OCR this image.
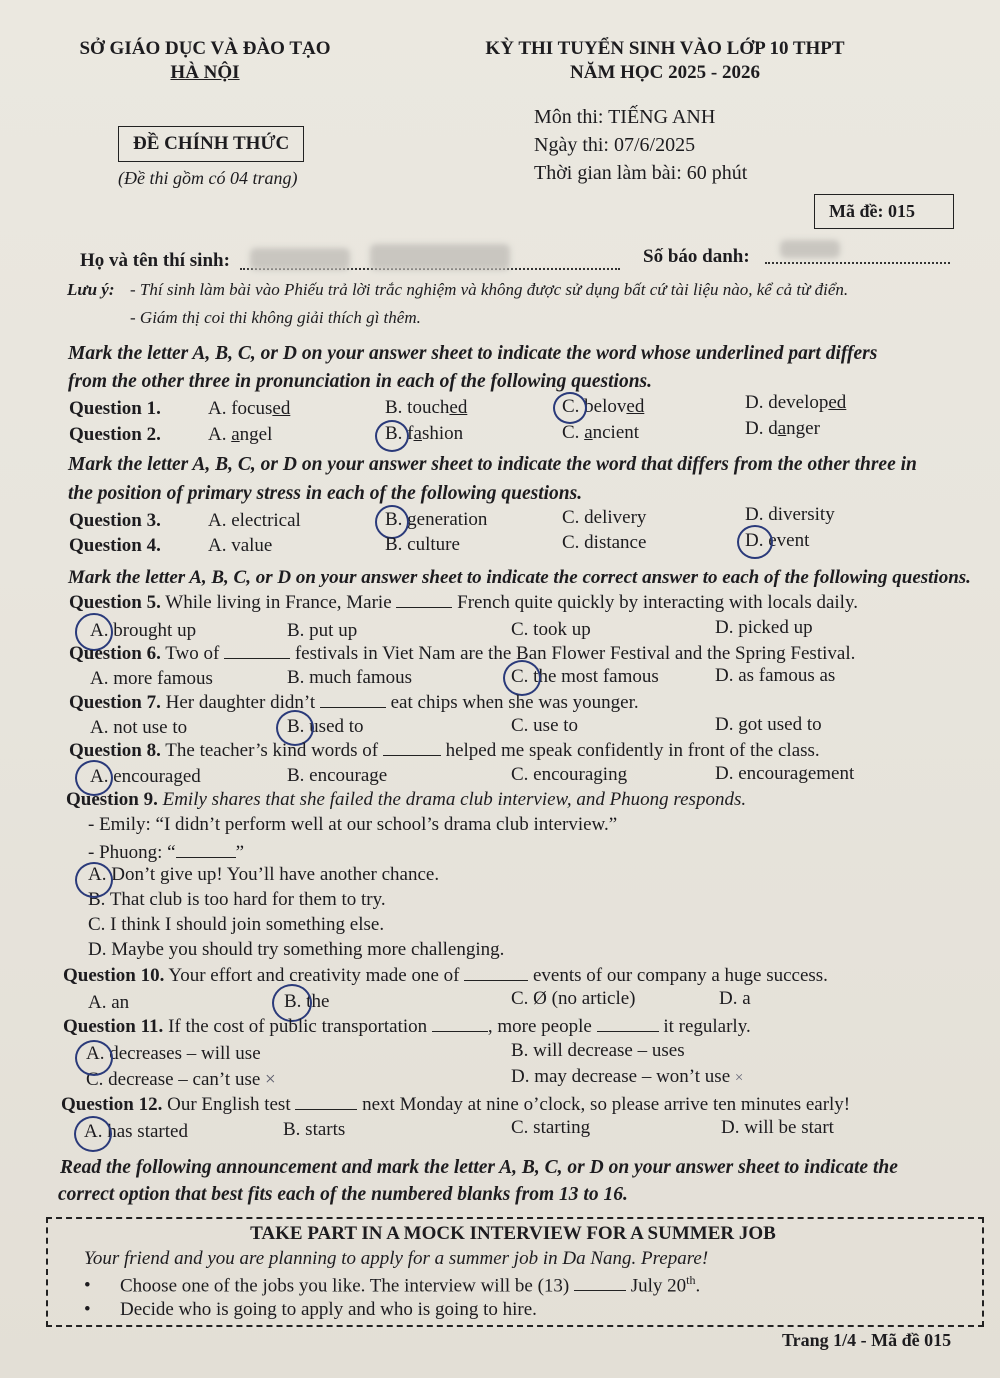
SỞ GIÁO DỤC VÀ ĐÀO TẠO
HÀ NỘI
ĐỀ CHÍNH THỨC
(Đề thi gồm có 04 trang)
KỲ THI TUYỂN SINH VÀO LỚP 10 THPT
NĂM HỌC 2025 - 2026
Môn thi: TIẾNG ANH
Ngày thi: 07/6/2025
Thời gian làm bài: 60 phút
Mã đề: 015
Họ và tên thí sinh:	Số báo danh:
Lưu ý: - Thí sinh làm bài vào Phiếu trả lời trắc nghiệm và không được sử dụng bất cứ tài liệu nào, kể cả từ điển.
- Giám thị coi thi không giải thích gì thêm.
Mark the letter A, B, C, or D on your answer sheet to indicate the word whose underlined part differs
from the other three in pronunciation in each of the following questions.
Question 1. A. focused	B. touched	C. beloved	D. developed
Question 2. A. angel	B. fashion	C. ancient	D. danger
Mark the letter A, B, C, or D on your answer sheet to indicate the word that differs from the other three in
the position of primary stress in each of the following questions.
Question 3. A. electrical	B. generation	C. delivery	D. diversity
Question 4. A. value	B. culture	C. distance	D. event
Mark the letter A, B, C, or D on your answer sheet to indicate the correct answer to each of the following questions.
Question 5. While living in France, Marie	French quite quickly by interacting with locals daily.
A. brought up	B. put up	C. took up	D. picked up
Question 6. Two of	festivals in Viet Nam are the Ban Flower Festival and the Spring Festival.
A. more famous	B. much famous	C. the most famous	D. as famous as
Question 7. Her daughter didn’t	eat chips when she was younger.
A. not use to	B. used to	C. use to	D. got used to
Question 8. The teacher’s kind words of	helped me speak confidently in front of the class.
A. encouraged	B. encourage	C. encouraging	D. encouragement
Question 9. Emily shares that she failed the drama club interview, and Phuong responds.
- Emily: “I didn’t perform well at our school’s drama club interview.”
- Phuong: “	”
A. Don’t give up! You’ll have another chance.
B. That club is too hard for them to try.
C. I think I should join something else.
D. Maybe you should try something more challenging.
Question 10. Your effort and creativity made one of	events of our company a huge success.
A. an	B. the	C. Ø (no article)	D. a
Question 11. If the cost of public transportation	, more people	it regularly.
A. decreases – will use	B. will decrease – uses
C. decrease – can’t use ×	D. may decrease – won’t use ×
Question 12. Our English test	next Monday at nine o’clock, so please arrive ten minutes early!
A. has started	B. starts	C. starting	D. will be start
Read the following announcement and mark the letter A, B, C, or D on your answer sheet to indicate the
correct option that best fits each of the numbered blanks from 13 to 16.
TAKE PART IN A MOCK INTERVIEW FOR A SUMMER JOB
Your friend and you are planning to apply for a summer job in Da Nang. Prepare!
• Choose one of the jobs you like. The interview will be (13)	July 20th.
• Decide who is going to apply and who is going to hire.
Trang 1/4 - Mã đề 015
